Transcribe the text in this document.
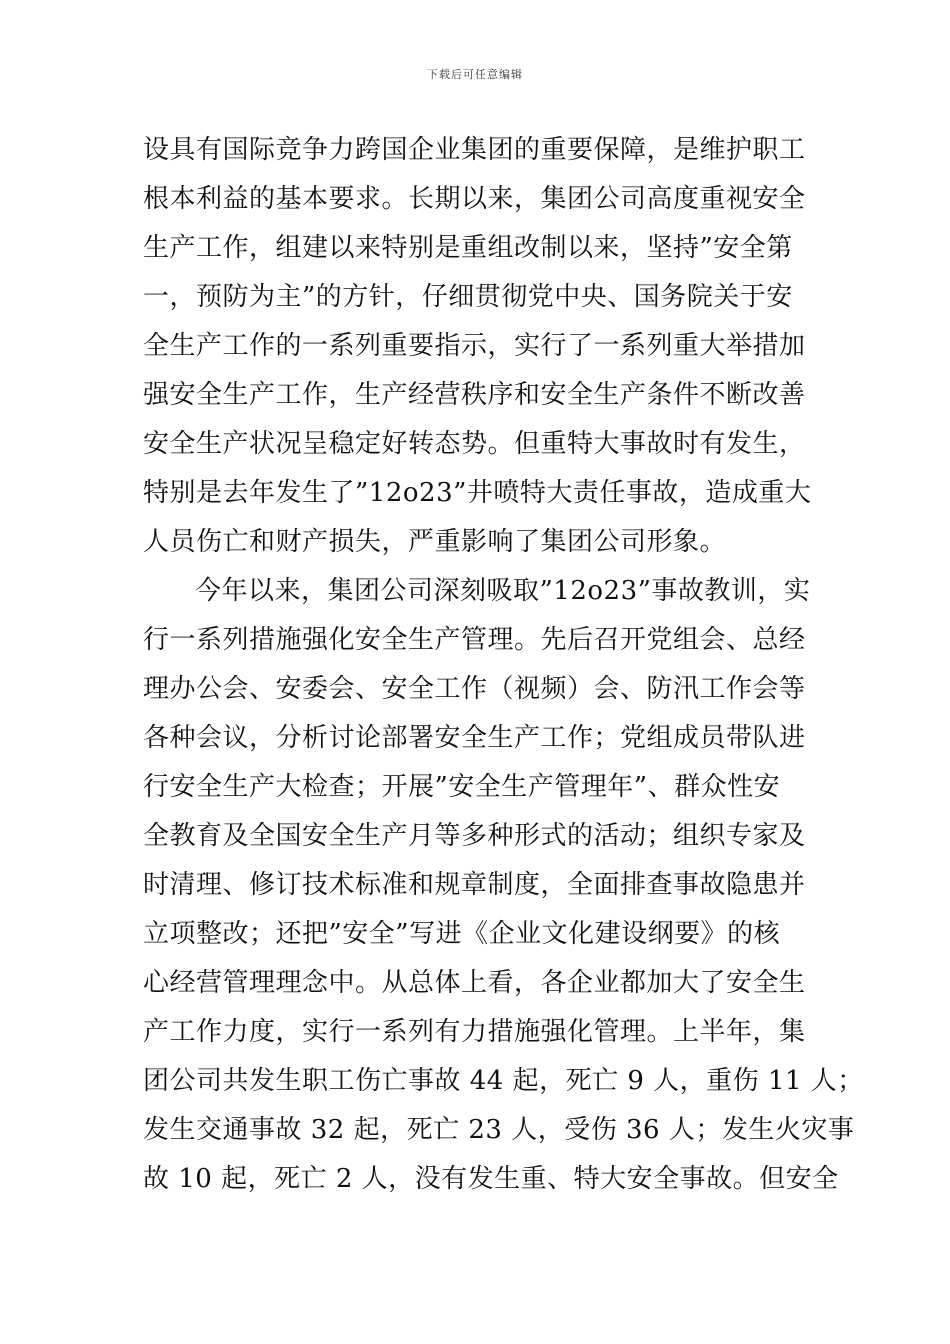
下载后可任意编辑
设具有国际竞争力跨国企业集团的重要保障，是维护职工
根本利益的基本要求。长期以来，集团公司高度重视安全
生产工作，组建以来特别是重组改制以来，坚持”安全第
一，预防为主”的方针，仔细贯彻党中央、国务院关于安
全生产工作的一系列重要指示，实行了一系列重大举措加
强安全生产工作，生产经营秩序和安全生产条件不断改善
安全生产状况呈稳定好转态势。但重特大事故时有发生，
特别是去年发生了”12o23”井喷特大责任事故，造成重大
人员伤亡和财产损失，严重影响了集团公司形象。
今年以来，集团公司深刻吸取”12o23”事故教训，实
行一系列措施强化安全生产管理。先后召开党组会、总经
理办公会、安委会、安全工作（视频）会、防汛工作会等
各种会议，分析讨论部署安全生产工作；党组成员带队进
行安全生产大检查；开展”安全生产管理年”、群众性安
全教育及全国安全生产月等多种形式的活动；组织专家及
时清理、修订技术标准和规章制度，全面排查事故隐患并
立项整改；还把”安全”写进《企业文化建设纲要》的核
心经营管理理念中。从总体上看，各企业都加大了安全生
产工作力度，实行一系列有力措施强化管理。上半年，集
团公司共发生职工伤亡事故 44 起，死亡 9 人，重伤 11 人；
发生交通事故 32 起，死亡 23 人，受伤 36 人；发生火灾事
故 10 起，死亡 2 人，没有发生重、特大安全事故。但安全
